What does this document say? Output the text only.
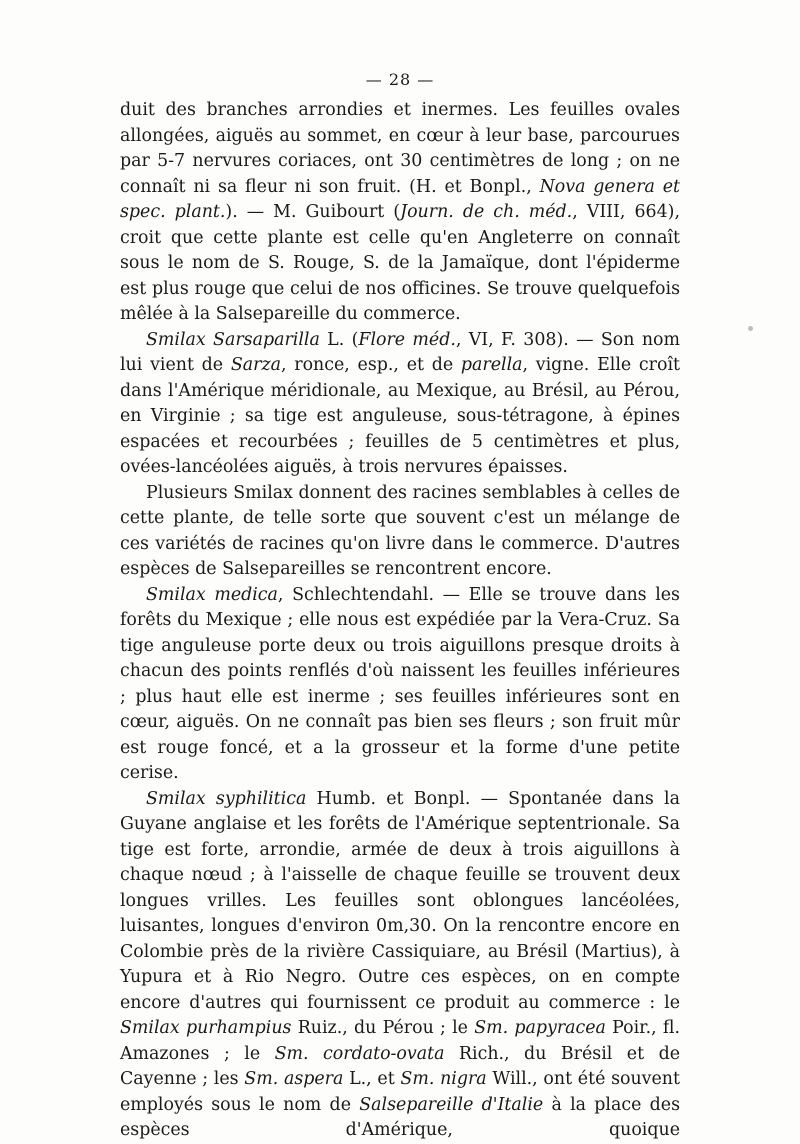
— 28 —

duit des branches arrondies et inermes. Les feuilles ovales allongées, aiguës au sommet, en cœur à leur base, parcourues par 5-7 nervures coriaces, ont 30 centimètres de long ; on ne connaît ni sa fleur ni son fruit. (H. et Bonpl., Nova genera et spec. plant.). — M. Guibourt (Journ. de ch. méd., VIII, 664), croit que cette plante est celle qu'en Angleterre on connaît sous le nom de S. Rouge, S. de la Jamaïque, dont l'épiderme est plus rouge que celui de nos officines. Se trouve quelquefois mêlée à la Salsepareille du commerce.

Smilax Sarsaparilla L. (Flore méd., VI, F. 308). — Son nom lui vient de Sarza, ronce, esp., et de parella, vigne. Elle croît dans l'Amérique méridionale, au Mexique, au Brésil, au Pérou, en Virginie ; sa tige est anguleuse, sous-tétragone, à épines espacées et recourbées ; feuilles de 5 centimètres et plus, ovées-lancéolées aiguës, à trois nervures épaisses.

Plusieurs Smilax donnent des racines semblables à celles de cette plante, de telle sorte que souvent c'est un mélange de ces variétés de racines qu'on livre dans le commerce. D'autres espèces de Salsepareilles se rencontrent encore.

Smilax medica, Schlechtendahl. — Elle se trouve dans les forêts du Mexique ; elle nous est expédiée par la Vera-Cruz. Sa tige anguleuse porte deux ou trois aiguillons presque droits à chacun des points renflés d'où naissent les feuilles inférieures ; plus haut elle est inerme ; ses feuilles inférieures sont en cœur, aiguës. On ne connaît pas bien ses fleurs ; son fruit mûr est rouge foncé, et a la grosseur et la forme d'une petite cerise.

Smilax syphilitica Humb. et Bonpl. — Spontanée dans la Guyane anglaise et les forêts de l'Amérique septentrionale. Sa tige est forte, arrondie, armée de deux à trois aiguillons à chaque nœud ; à l'aisselle de chaque feuille se trouvent deux longues vrilles. Les feuilles sont oblongues lancéolées, luisantes, longues d'environ 0m,30. On la rencontre encore en Colombie près de la rivière Cassiquiare, au Brésil (Martius), à Yupura et à Rio Negro. Outre ces espèces, on en compte encore d'autres qui fournissent ce produit au commerce : le Smilax purhampius Ruiz., du Pérou ; le Sm. papyracea Poir., fl. Amazones ; le Sm. cordato-ovata Rich., du Brésil et de Cayenne ; les Sm. aspera L., et Sm. nigra Will., ont été souvent employés sous le nom de Salsepareille d'Italie à la place des espèces d'Amérique, quoique
